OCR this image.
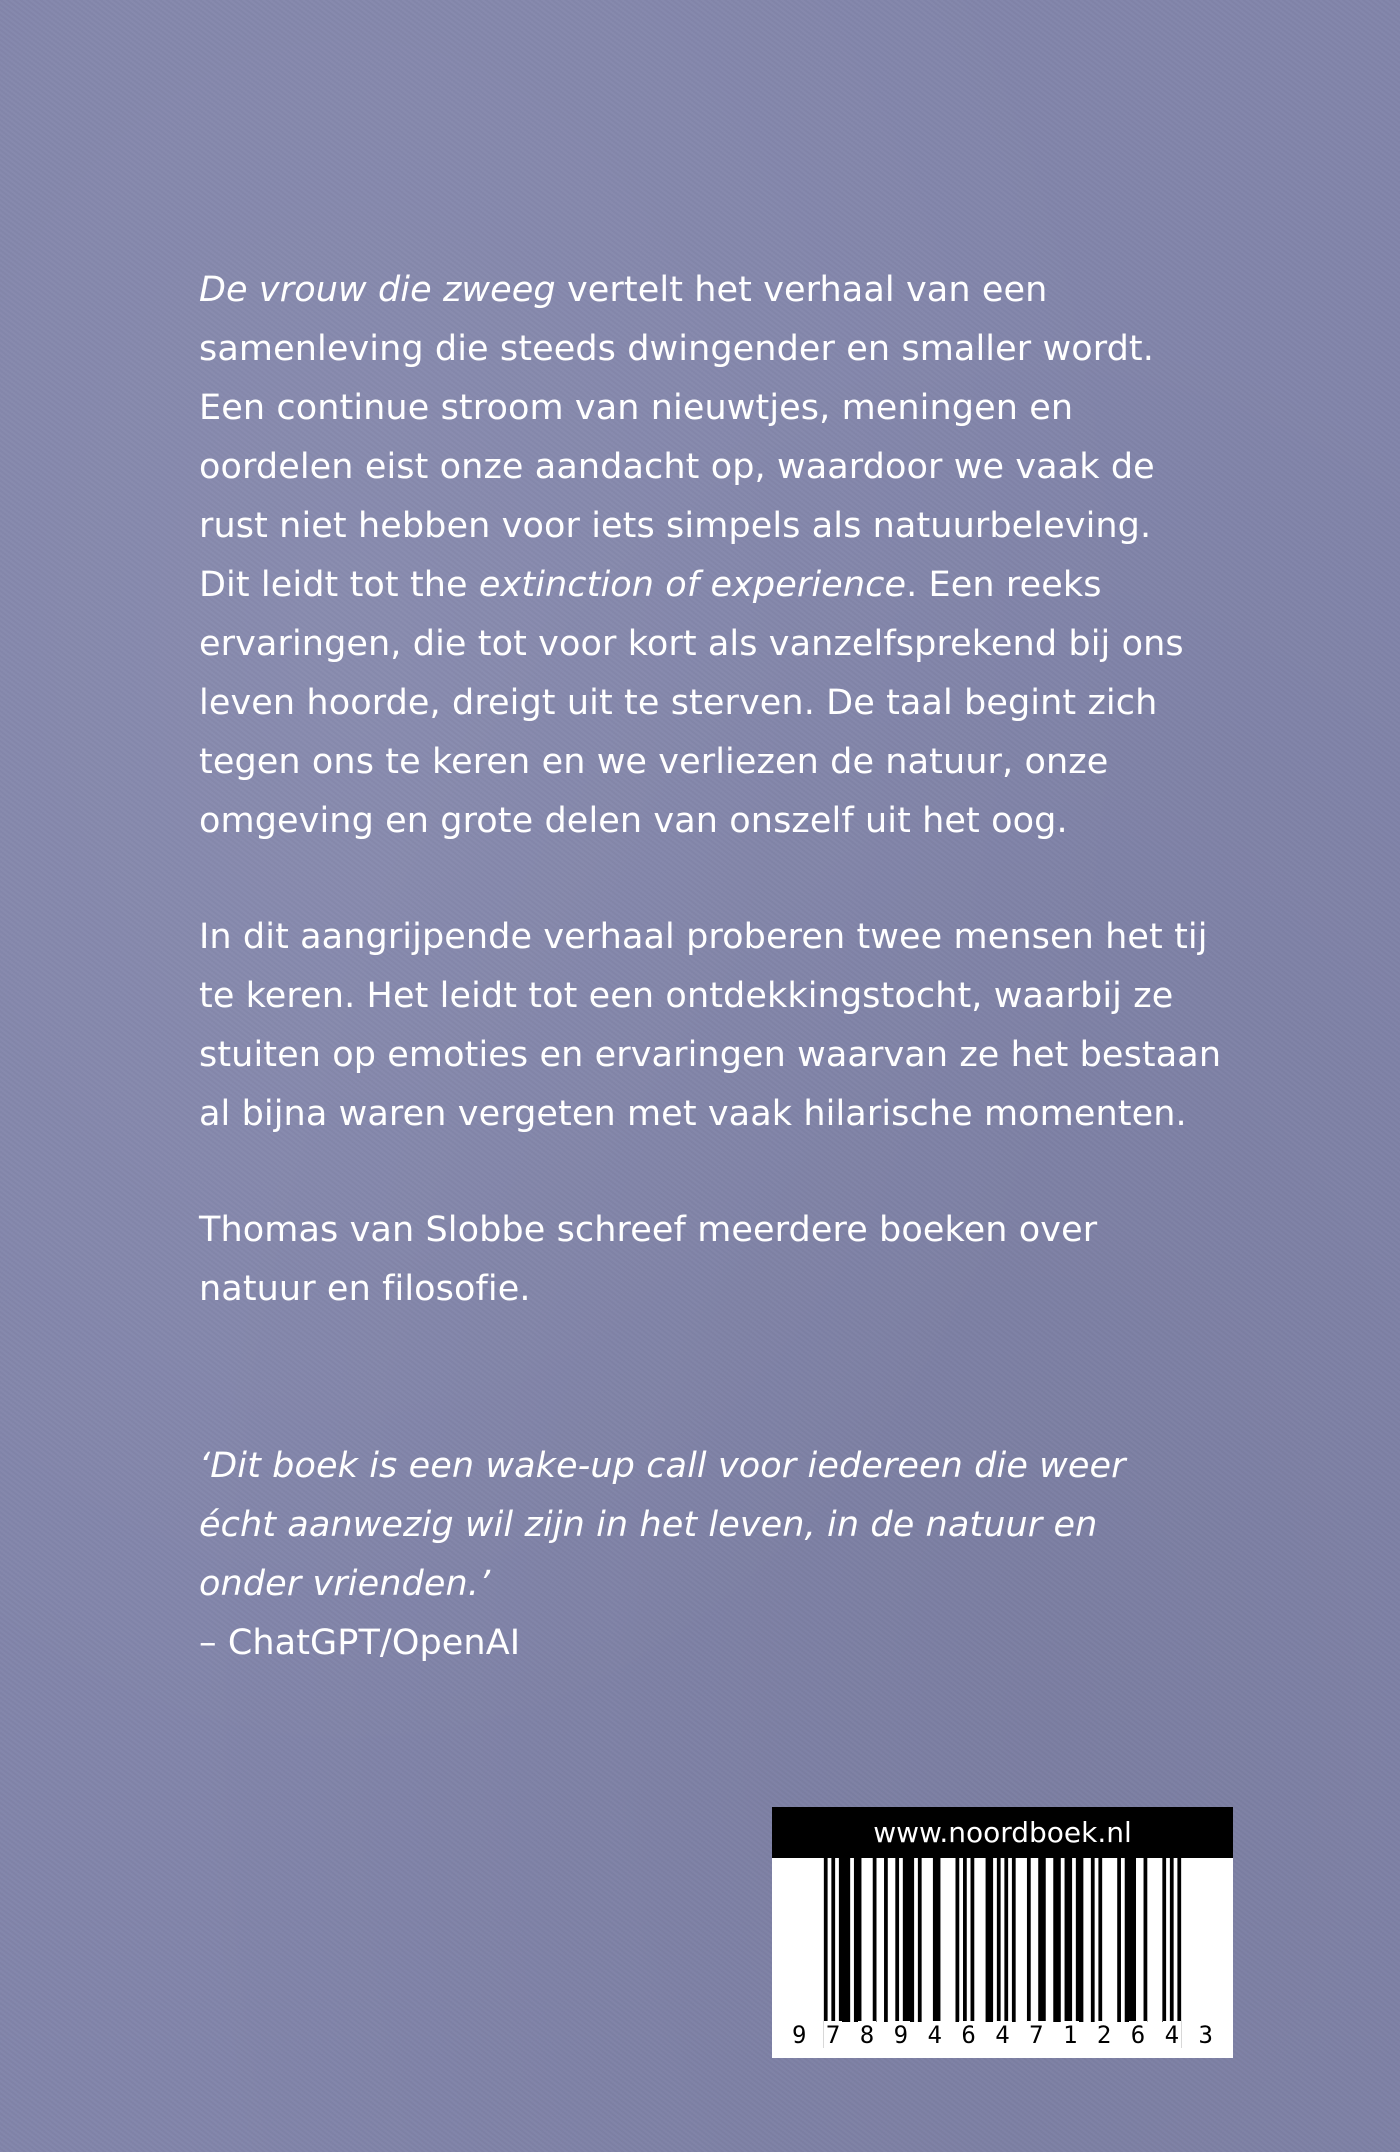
De vrouw die zweeg vertelt het verhaal van een
samenleving die steeds dwingender en smaller wordt.
Een continue stroom van nieuwtjes, meningen en
oordelen eist onze aandacht op, waardoor we vaak de
rust niet hebben voor iets simpels als natuurbeleving.
Dit leidt tot the extinction of experience. Een reeks
ervaringen, die tot voor kort als vanzelfsprekend bij ons
leven hoorde, dreigt uit te sterven. De taal begint zich
tegen ons te keren en we verliezen de natuur, onze
omgeving en grote delen van onszelf uit het oog.

In dit aangrijpende verhaal proberen twee mensen het tij
te keren. Het leidt tot een ontdekkingstocht, waarbij ze
stuiten op emoties en ervaringen waarvan ze het bestaan
al bijna waren vergeten met vaak hilarische momenten.

Thomas van Slobbe schreef meerdere boeken over
natuur en filosofie.

‘Dit boek is een wake-up call voor iedereen die weer
écht aanwezig wil zijn in het leven, in de natuur en
onder vrienden.’
– ChatGPT/OpenAI

www.noordboek.nl
9 7 8 9 4 6 4 7 1 2 6 4 3
